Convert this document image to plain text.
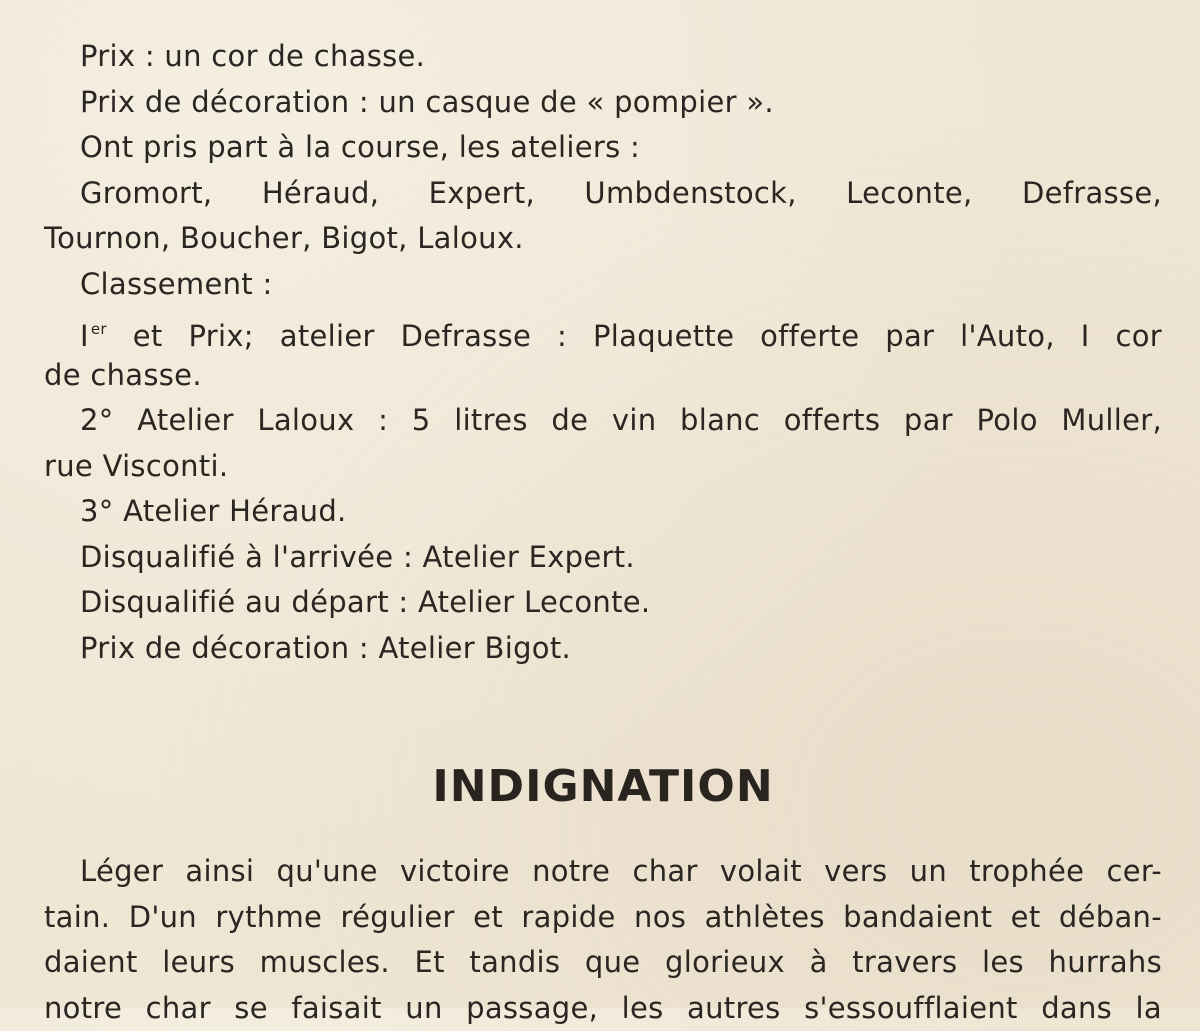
Prix : un cor de chasse.
Prix de décoration : un casque de « pompier ».
Ont pris part à la course, les ateliers :
Gromort, Héraud, Expert, Umbdenstock, Leconte, Defrasse,
Tournon, Boucher, Bigot, Laloux.
Classement :
I $^{er}$ et Prix; atelier Defrasse : Plaquette offerte par l'Auto, I cor
de chasse.
2° Atelier Laloux : 5 litres de vin blanc offerts par Polo Muller,
rue Visconti.
3° Atelier Héraud.
Disqualifié à l'arrivée : Atelier Expert.
Disqualifié au départ : Atelier Leconte.
Prix de décoration : Atelier Bigot.
INDIGNATION
Léger ainsi qu'une victoire notre char volait vers un trophée cer-
tain. D'un rythme régulier et rapide nos athlètes bandaient et déban-
daient leurs muscles. Et tandis que glorieux à travers les hurrahs
notre char se faisait un passage, les autres s'essoufflaient dans la
